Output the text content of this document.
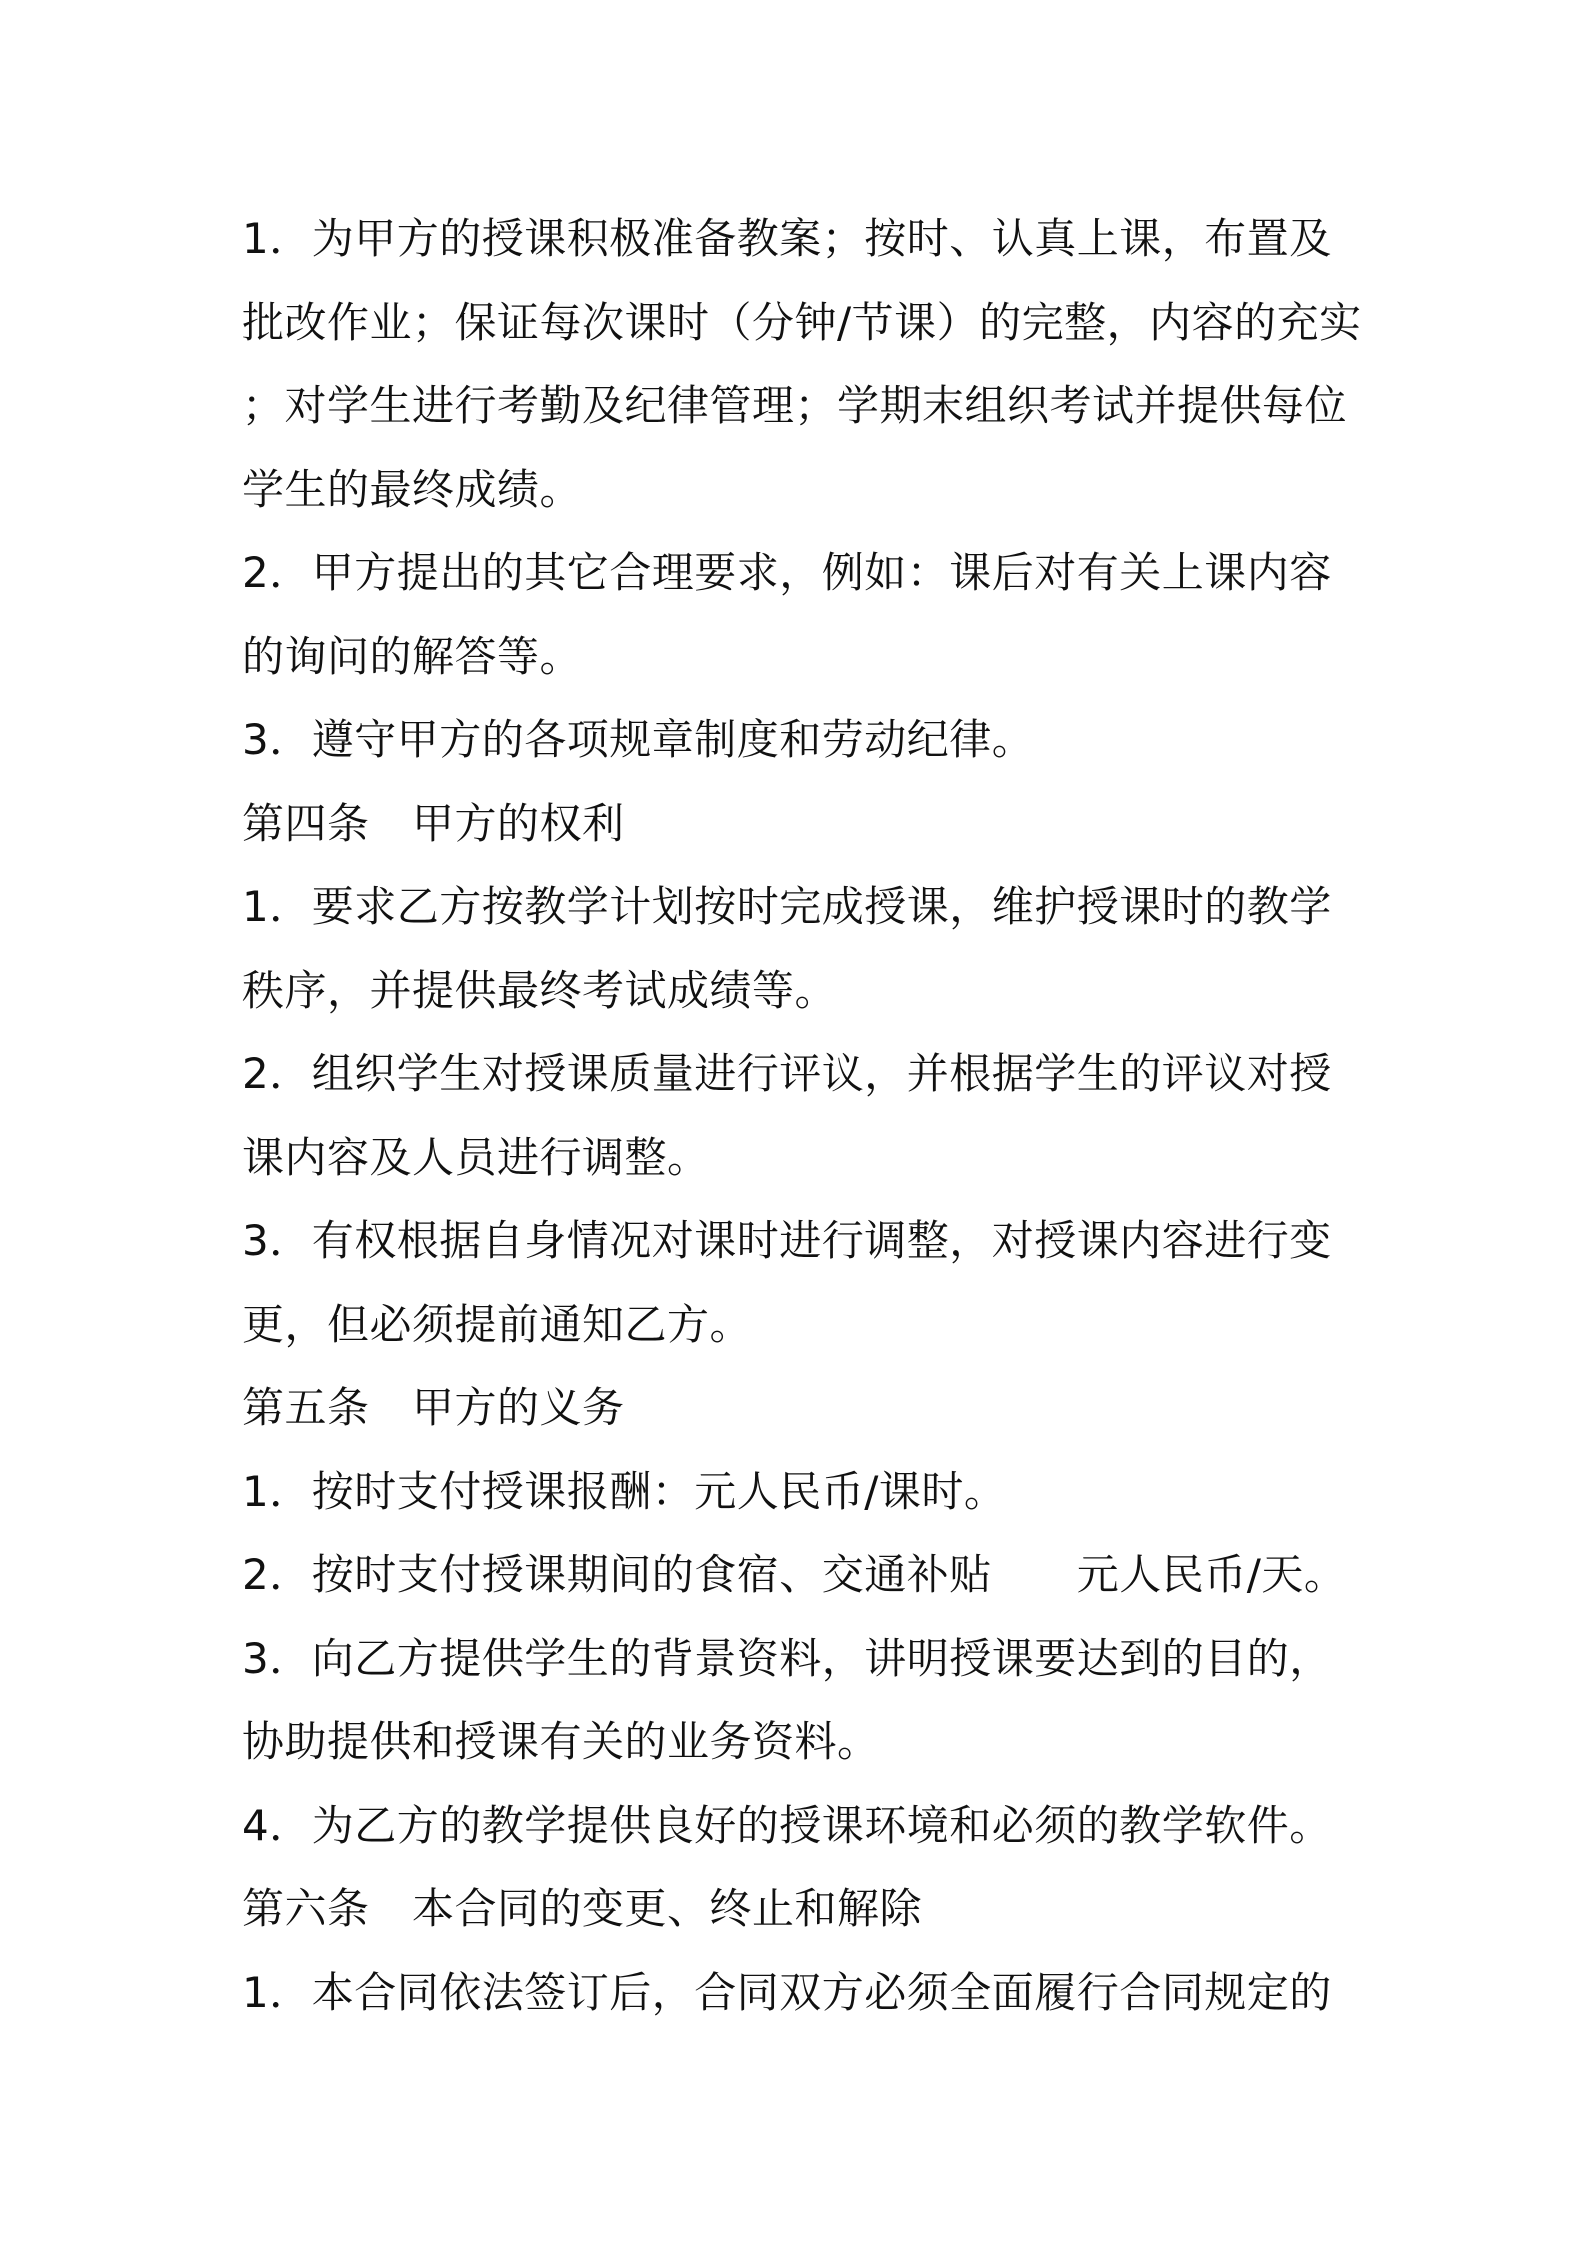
1．为甲方的授课积极准备教案；按时、认真上课，布置及

批改作业；保证每次课时（分钟/节课）的完整，内容的充实

；对学生进行考勤及纪律管理；学期末组织考试并提供每位

学生的最终成绩。

2．甲方提出的其它合理要求，例如：课后对有关上课内容

的询问的解答等。

3．遵守甲方的各项规章制度和劳动纪律。

第四条　甲方的权利

1．要求乙方按教学计划按时完成授课，维护授课时的教学

秩序，并提供最终考试成绩等。

2．组织学生对授课质量进行评议，并根据学生的评议对授

课内容及人员进行调整。

3．有权根据自身情况对课时进行调整，对授课内容进行变

更，但必须提前通知乙方。

第五条　甲方的义务

1．按时支付授课报酬：元人民币/课时。

2．按时支付授课期间的食宿、交通补贴　　元人民币/天。

3．向乙方提供学生的背景资料，讲明授课要达到的目的，

协助提供和授课有关的业务资料。

4．为乙方的教学提供良好的授课环境和必须的教学软件。

第六条　本合同的变更、终止和解除

1．本合同依法签订后，合同双方必须全面履行合同规定的
